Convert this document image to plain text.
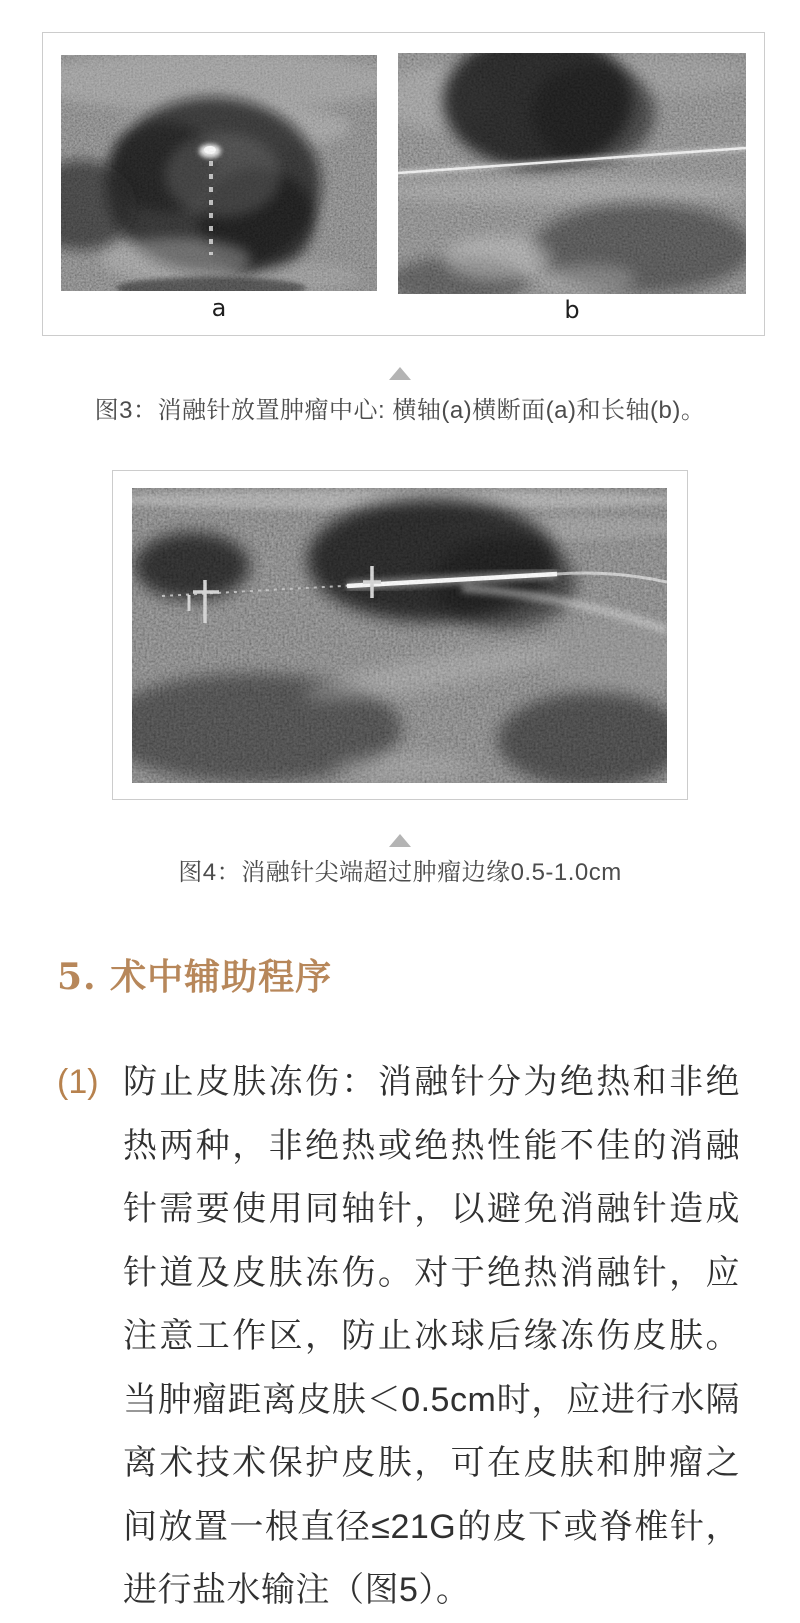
a	b
图3：消融针放置肿瘤中心: 横轴(a)横断面(a)和长轴(b)。
图4：消融针尖端超过肿瘤边缘0.5-1.0cm
5. 术中辅助程序
(1) 防止皮肤冻伤：消融针分为绝热和非绝热两种，非绝热或绝热性能不佳的消融针需要使用同轴针，以避免消融针造成针道及皮肤冻伤。对于绝热消融针，应注意工作区，防止冰球后缘冻伤皮肤。当肿瘤距离皮肤＜0.5cm时，应进行水隔离术技术保护皮肤，可在皮肤和肿瘤之间放置一根直径≤21G的皮下或脊椎针，进行盐水输注（图5）。
